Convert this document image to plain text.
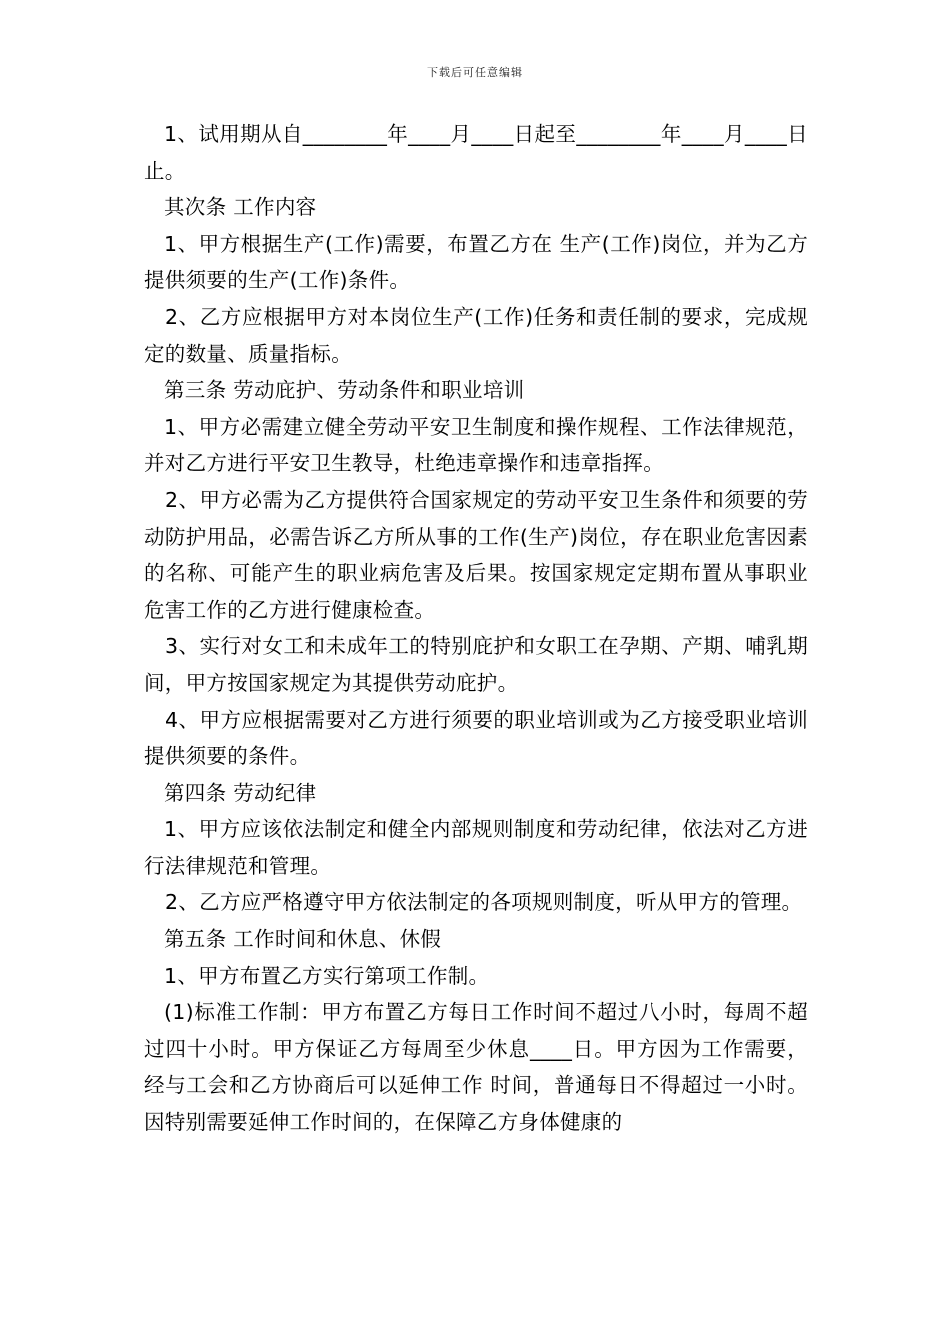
下载后可任意编辑

1、试用期从自________年____月____日起至________年____月____日止。

其次条 工作内容

1、甲方根据生产(工作)需要，布置乙方在 生产(工作)岗位，并为乙方提供须要的生产(工作)条件。

2、乙方应根据甲方对本岗位生产(工作)任务和责任制的要求，完成规定的数量、质量指标。

第三条 劳动庇护、劳动条件和职业培训

1、甲方必需建立健全劳动平安卫生制度和操作规程、工作法律规范，并对乙方进行平安卫生教导，杜绝违章操作和违章指挥。

2、甲方必需为乙方提供符合国家规定的劳动平安卫生条件和须要的劳动防护用品，必需告诉乙方所从事的工作(生产)岗位，存在职业危害因素的名称、可能产生的职业病危害及后果。按国家规定定期布置从事职业危害工作的乙方进行健康检查。

3、实行对女工和未成年工的特别庇护和女职工在孕期、产期、哺乳期间，甲方按国家规定为其提供劳动庇护。

4、甲方应根据需要对乙方进行须要的职业培训或为乙方接受职业培训提供须要的条件。

第四条 劳动纪律

1、甲方应该依法制定和健全内部规则制度和劳动纪律，依法对乙方进行法律规范和管理。

2、乙方应严格遵守甲方依法制定的各项规则制度，听从甲方的管理。

第五条 工作时间和休息、休假

1、甲方布置乙方实行第项工作制。

(1)标准工作制：甲方布置乙方每日工作时间不超过八小时，每周不超过四十小时。甲方保证乙方每周至少休息____日。甲方因为工作需要，经与工会和乙方协商后可以延伸工作 时间，普通每日不得超过一小时。因特别需要延伸工作时间的，在保障乙方身体健康的
